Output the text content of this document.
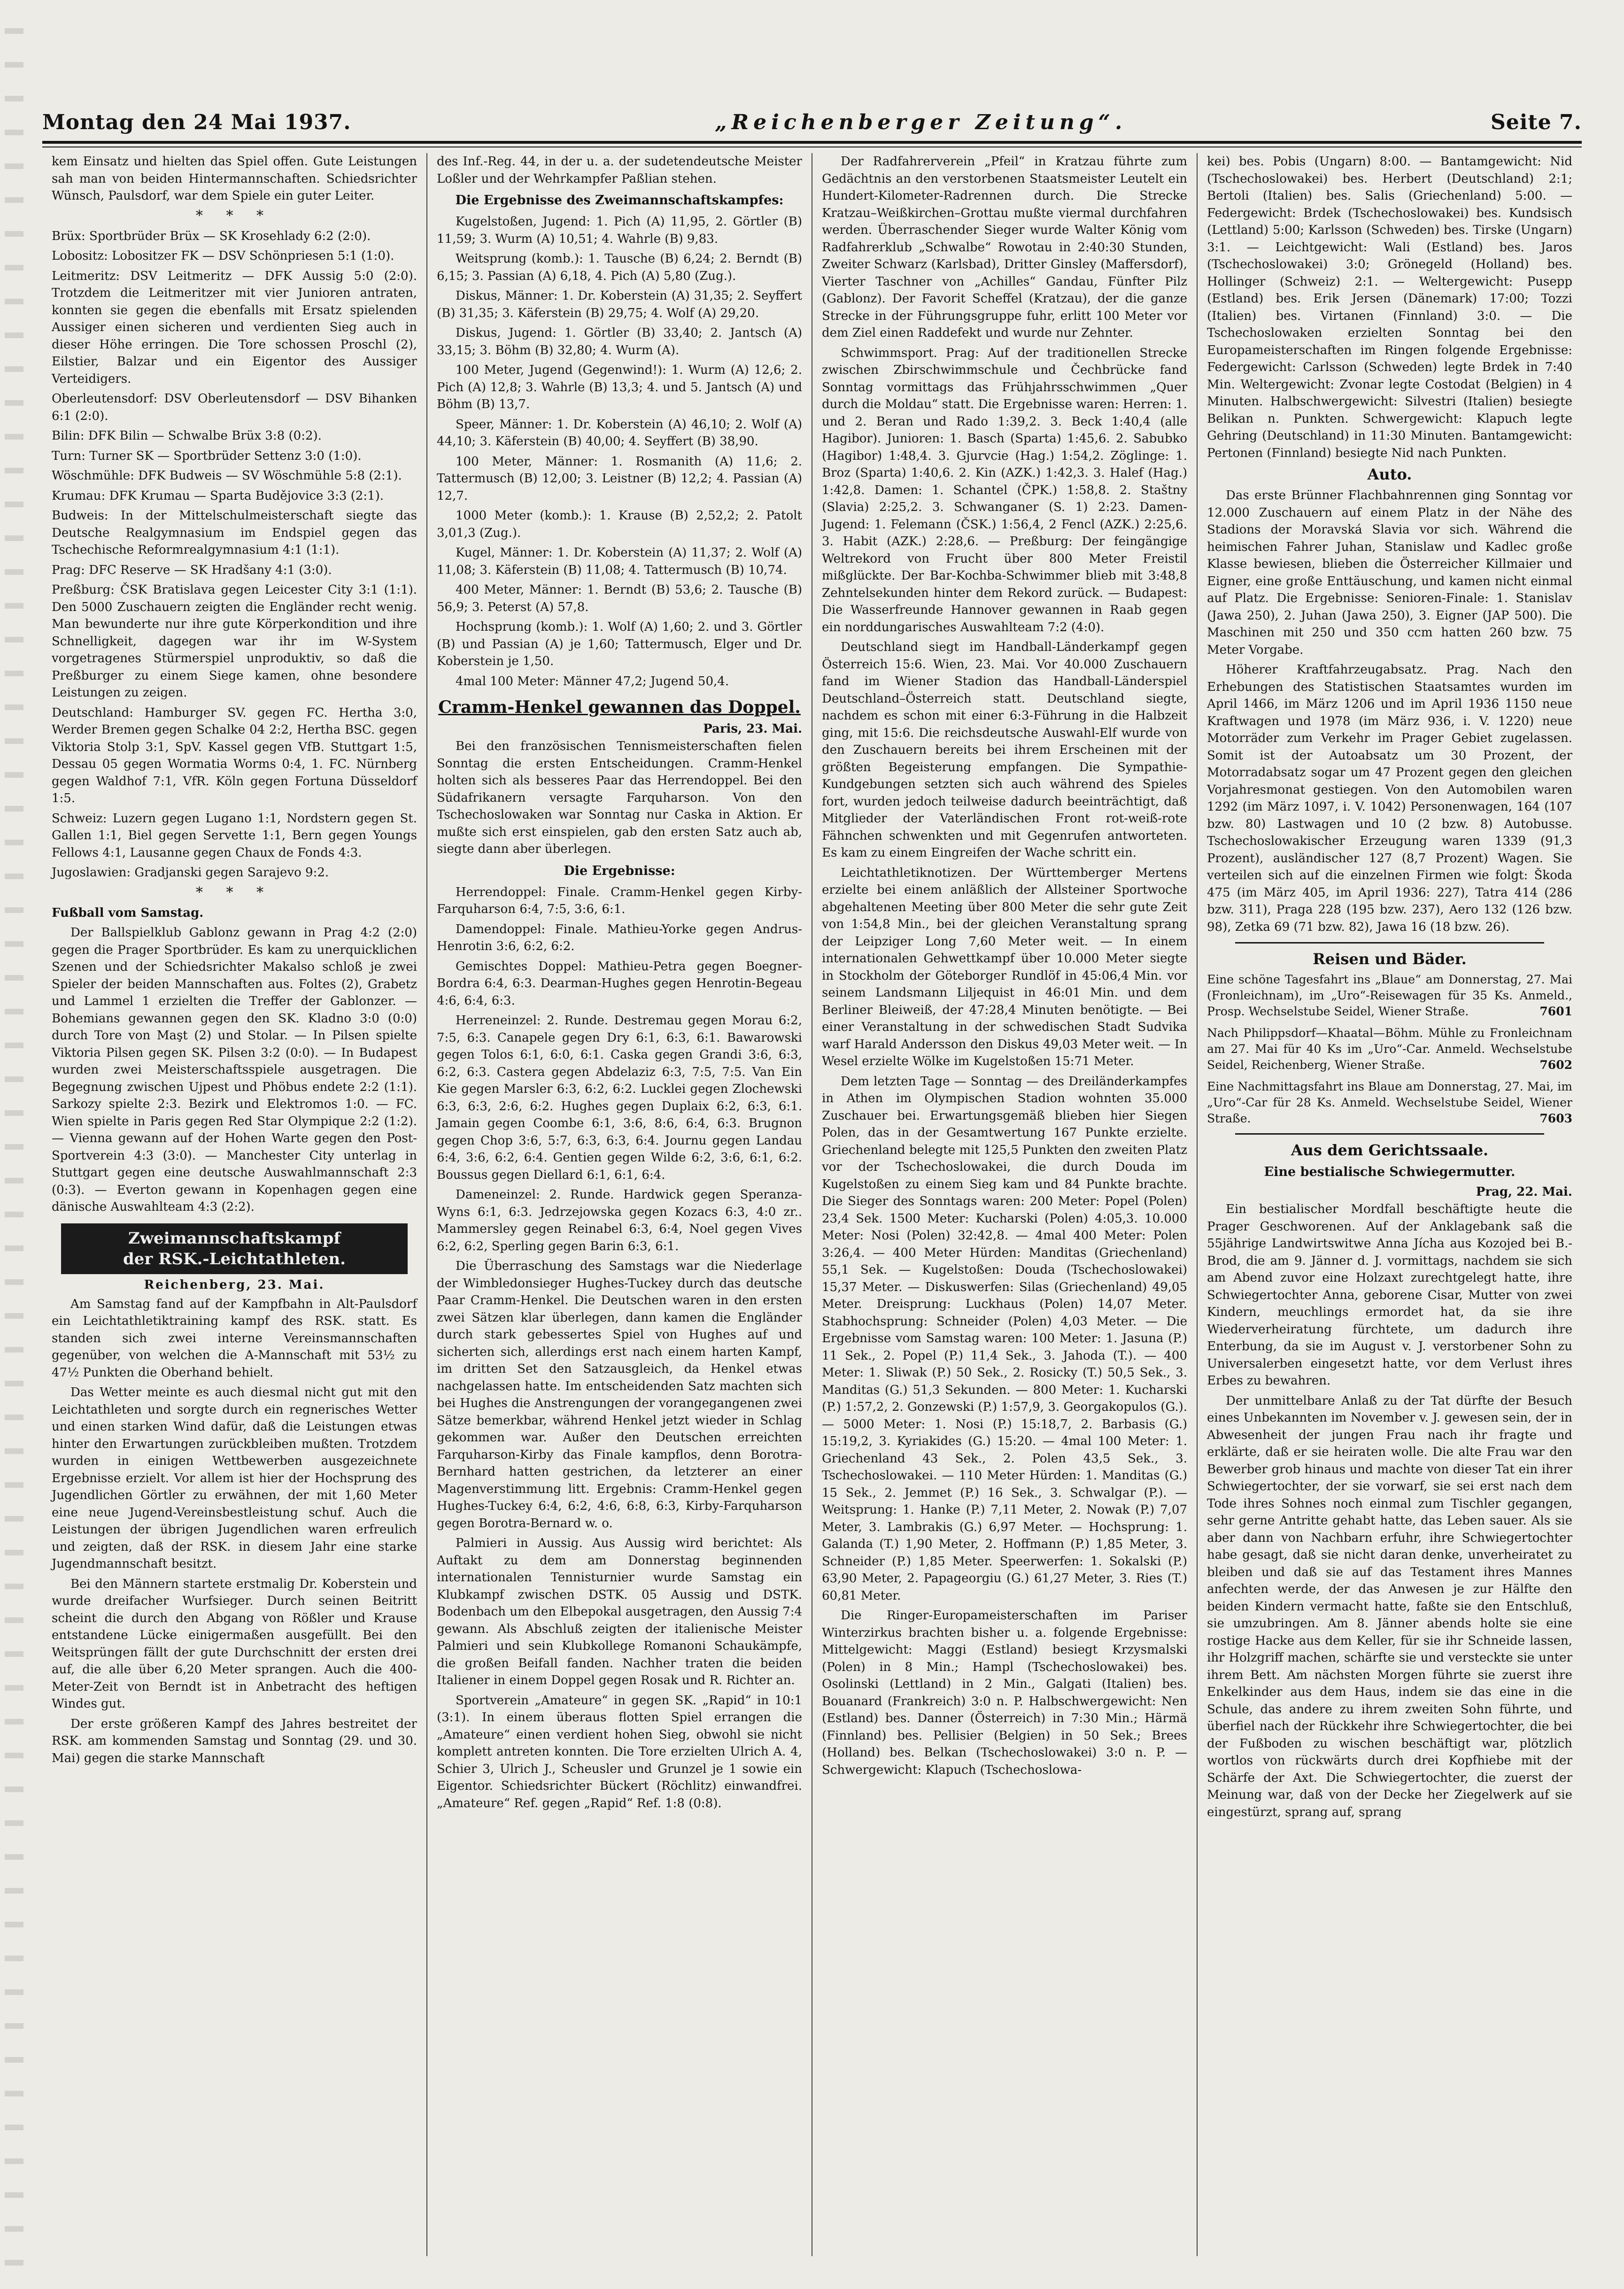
Montag den 24 Mai 1937.	„Reichenberger Zeitung“.	Seite 7.

kem Einsatz und hielten das Spiel offen. Gute Leistungen sah man von beiden Hintermannschaften. Schiedsrichter Wünsch, Paulsdorf, war dem Spiele ein guter Leiter.

* * *

Brüx: Sportbrüder Brüx — SK Krosehlady 6:2 (2:0).

Lobositz: Lobositzer FK — DSV Schönpriesen 5:1 (1:0).

Leitmeritz: DSV Leitmeritz — DFK Aussig 5:0 (2:0). Trotzdem die Leitmeritzer mit vier Junioren antraten, konnten sie gegen die ebenfalls mit Ersatz spielenden Aussiger einen sicheren und verdienten Sieg auch in dieser Höhe erringen. Die Tore schossen Proschl (2), Eilstier, Balzar und ein Eigentor des Aussiger Verteidigers.

Oberleutensdorf: DSV Oberleutensdorf — DSV Bihanken 6:1 (2:0).

Bilin: DFK Bilin — Schwalbe Brüx 3:8 (0:2).

Turn: Turner SK — Sportbrüder Settenz 3:0 (1:0).

Wöschmühle: DFK Budweis — SV Wöschmühle 5:8 (2:1).

Krumau: DFK Krumau — Sparta Budějovice 3:3 (2:1).

Budweis: In der Mittelschulmeisterschaft siegte das Deutsche Realgymnasium im Endspiel gegen das Tschechische Reformrealgymnasium 4:1 (1:1).

Prag: DFC Reserve — SK Hradšany 4:1 (3:0).

Preßburg: ČSK Bratislava gegen Leicester City 3:1 (1:1). Den 5000 Zuschauern zeigten die Engländer recht wenig. Man bewunderte nur ihre gute Körperkondition und ihre Schnelligkeit, dagegen war ihr im W-System vorgetragenes Stürmerspiel unproduktiv, so daß die Preßburger zu einem Siege kamen, ohne besondere Leistungen zu zeigen.

Deutschland: Hamburger SV. gegen FC. Hertha 3:0, Werder Bremen gegen Schalke 04 2:2, Hertha BSC. gegen Viktoria Stolp 3:1, SpV. Kassel gegen VfB. Stuttgart 1:5, Dessau 05 gegen Wormatia Worms 0:4, 1. FC. Nürnberg gegen Waldhof 7:1, VfR. Köln gegen Fortuna Düsseldorf 1:5.

Schweiz: Luzern gegen Lugano 1:1, Nordstern gegen St. Gallen 1:1, Biel gegen Servette 1:1, Bern gegen Youngs Fellows 4:1, Lausanne gegen Chaux de Fonds 4:3.

Jugoslawien: Gradjanski gegen Sarajevo 9:2.

* * *

Fußball vom Samstag.

Der Ballspielklub Gablonz gewann in Prag 4:2 (2:0) gegen die Prager Sportbrüder. Es kam zu unerquicklichen Szenen und der Schiedsrichter Makalso schloß je zwei Spieler der beiden Mannschaften aus. Foltes (2), Grabetz und Lammel 1 erzielten die Treffer der Gablonzer. — Bohemians gewannen gegen den SK. Kladno 3:0 (0:0) durch Tore von Maşt (2) und Stolar. — In Pilsen spielte Viktoria Pilsen gegen SK. Pilsen 3:2 (0:0). — In Budapest wurden zwei Meisterschaftsspiele ausgetragen. Die Begegnung zwischen Ujpest und Phöbus endete 2:2 (1:1). Sarkozy spielte 2:3. Bezirk und Elektromos 1:0. — FC. Wien spielte in Paris gegen Red Star Olympique 2:2 (1:2). — Vienna gewann auf der Hohen Warte gegen den Post-Sportverein 4:3 (3:0). — Manchester City unterlag in Stuttgart gegen eine deutsche Auswahlmannschaft 2:3 (0:3). — Everton gewann in Kopenhagen gegen eine dänische Auswahlteam 4:3 (2:2).

Zweimannschaftskampf
der RSK.-Leichtathleten.
Reichenberg, 23. Mai.

Am Samstag fand auf der Kampfbahn in Alt-Paulsdorf ein Leichtathletiktraining kampf des RSK. statt. Es standen sich zwei interne Vereinsmannschaften gegenüber, von welchen die A-Mannschaft mit 53½ zu 47½ Punkten die Oberhand behielt.

Das Wetter meinte es auch diesmal nicht gut mit den Leichtathleten und sorgte durch ein regnerisches Wetter und einen starken Wind dafür, daß die Leistungen etwas hinter den Erwartungen zurückbleiben mußten. Trotzdem wurden in einigen Wettbewerben ausgezeichnete Ergebnisse erzielt. Vor allem ist hier der Hochsprung des Jugendlichen Görtler zu erwähnen, der mit 1,60 Meter eine neue Jugend-Vereinsbestleistung schuf. Auch die Leistungen der übrigen Jugendlichen waren erfreulich und zeigten, daß der RSK. in diesem Jahr eine starke Jugendmannschaft besitzt.

Bei den Männern startete erstmalig Dr. Koberstein und wurde dreifacher Wurfsieger. Durch seinen Beitritt scheint die durch den Abgang von Rößler und Krause entstandene Lücke einigermaßen ausgefüllt. Bei den Weitsprüngen fällt der gute Durchschnitt der ersten drei auf, die alle über 6,20 Meter sprangen. Auch die 400-Meter-Zeit von Berndt ist in Anbetracht des heftigen Windes gut.

Der erste größeren Kampf des Jahres bestreitet der RSK. am kommenden Samstag und Sonntag (29. und 30. Mai) gegen die starke Mannschaft

des Inf.-Reg. 44, in der u. a. der sudetendeutsche Meister Loßler und der Wehrkampfer Paßlian stehen.

Die Ergebnisse des Zweimannschaftskampfes:

Kugelstoßen, Jugend: 1. Pich (A) 11,95, 2. Görtler (B) 11,59; 3. Wurm (A) 10,51; 4. Wahrle (B) 9,83.

Weitsprung (komb.): 1. Tausche (B) 6,24; 2. Berndt (B) 6,15; 3. Passian (A) 6,18, 4. Pich (A) 5,80 (Zug.).

Diskus, Männer: 1. Dr. Koberstein (A) 31,35; 2. Seyffert (B) 31,35; 3. Käferstein (B) 29,75; 4. Wolf (A) 29,20.

Diskus, Jugend: 1. Görtler (B) 33,40; 2. Jantsch (A) 33,15; 3. Böhm (B) 32,80; 4. Wurm (A).

100 Meter, Jugend (Gegenwind!): 1. Wurm (A) 12,6; 2. Pich (A) 12,8; 3. Wahrle (B) 13,3; 4. und 5. Jantsch (A) und Böhm (B) 13,7.

Speer, Männer: 1. Dr. Koberstein (A) 46,10; 2. Wolf (A) 44,10; 3. Käferstein (B) 40,00; 4. Seyffert (B) 38,90.

100 Meter, Männer: 1. Rosmanith (A) 11,6; 2. Tattermusch (B) 12,00; 3. Leistner (B) 12,2; 4. Passian (A) 12,7.

1000 Meter (komb.): 1. Krause (B) 2,52,2; 2. Patolt 3,01,3 (Zug.).

Kugel, Männer: 1. Dr. Koberstein (A) 11,37; 2. Wolf (A) 11,08; 3. Käferstein (B) 11,08; 4. Tattermusch (B) 10,74.

400 Meter, Männer: 1. Berndt (B) 53,6; 2. Tausche (B) 56,9; 3. Peterst (A) 57,8.

Hochsprung (komb.): 1. Wolf (A) 1,60; 2. und 3. Görtler (B) und Passian (A) je 1,60; Tattermusch, Elger und Dr. Koberstein je 1,50.

4mal 100 Meter: Männer 47,2; Jugend 50,4.

Cramm-Henkel gewannen das Doppel.
Paris, 23. Mai.

Bei den französischen Tennismeisterschaften fielen Sonntag die ersten Entscheidungen. Cramm-Henkel holten sich als besseres Paar das Herrendoppel. Bei den Südafrikanern versagte Farquharson. Von den Tschechoslowaken war Sonntag nur Caska in Aktion. Er mußte sich erst einspielen, gab den ersten Satz auch ab, siegte dann aber überlegen.

Die Ergebnisse:

Herrendoppel: Finale. Cramm-Henkel gegen Kirby-Farquharson 6:4, 7:5, 3:6, 6:1.

Damendoppel: Finale. Mathieu-Yorke gegen Andrus-Henrotin 3:6, 6:2, 6:2.

Gemischtes Doppel: Mathieu-Petra gegen Boegner-Bordra 6:4, 6:3. Dearman-Hughes gegen Henrotin-Begeau 4:6, 6:4, 6:3.

Herreneinzel: 2. Runde. Destremau gegen Morau 6:2, 7:5, 6:3. Canapele gegen Dry 6:1, 6:3, 6:1. Bawarowski gegen Tolos 6:1, 6:0, 6:1. Caska gegen Grandi 3:6, 6:3, 6:2, 6:3. Castera gegen Abdelaziz 6:3, 7:5, 7:5. Van Ein Kie gegen Marsler 6:3, 6:2, 6:2. Lucklei gegen Zlochewski 6:3, 6:3, 2:6, 6:2. Hughes gegen Duplaix 6:2, 6:3, 6:1. Jamain gegen Coombe 6:1, 3:6, 8:6, 6:4, 6:3. Brugnon gegen Chop 3:6, 5:7, 6:3, 6:3, 6:4. Journu gegen Landau 6:4, 3:6, 6:2, 6:4. Gentien gegen Wilde 6:2, 3:6, 6:1, 6:2. Boussus gegen Diellard 6:1, 6:1, 6:4.

Dameneinzel: 2. Runde. Hardwick gegen Speranza-Wyns 6:1, 6:3. Jedrzejowska gegen Kozacs 6:3, 4:0 zr.. Mammersley gegen Reinabel 6:3, 6:4, Noel gegen Vives 6:2, 6:2, Sperling gegen Barin 6:3, 6:1.

Die Überraschung des Samstags war die Niederlage der Wimbledonsieger Hughes-Tuckey durch das deutsche Paar Cramm-Henkel. Die Deutschen waren in den ersten zwei Sätzen klar überlegen, dann kamen die Engländer durch stark gebessertes Spiel von Hughes auf und sicherten sich, allerdings erst nach einem harten Kampf, im dritten Set den Satzausgleich, da Henkel etwas nachgelassen hatte. Im entscheidenden Satz machten sich bei Hughes die Anstrengungen der vorangegangenen zwei Sätze bemerkbar, während Henkel jetzt wieder in Schlag gekommen war. Außer den Deutschen erreichten Farquharson-Kirby das Finale kampflos, denn Borotra-Bernhard hatten gestrichen, da letzterer an einer Magenverstimmung litt. Ergebnis: Cramm-Henkel gegen Hughes-Tuckey 6:4, 6:2, 4:6, 6:8, 6:3, Kirby-Farquharson gegen Borotra-Bernard w. o.

Palmieri in Aussig. Aus Aussig wird berichtet: Als Auftakt zu dem am Donnerstag beginnenden internationalen Tennisturnier wurde Samstag ein Klubkampf zwischen DSTK. 05 Aussig und DSTK. Bodenbach um den Elbepokal ausgetragen, den Aussig 7:4 gewann. Als Abschluß zeigten der italienische Meister Palmieri und sein Klubkollege Romanoni Schaukämpfe, die großen Beifall fanden. Nachher traten die beiden Italiener in einem Doppel gegen Rosak und R. Richter an.

Sportverein „Amateure“ in gegen SK. „Rapid“ in 10:1 (3:1). In einem überaus flotten Spiel errangen die „Amateure“ einen verdient hohen Sieg, obwohl sie nicht komplett antreten konnten. Die Tore erzielten Ulrich A. 4, Schier 3, Ulrich J., Scheusler und Grunzel je 1 sowie ein Eigentor. Schiedsrichter Bückert (Röchlitz) einwandfrei. „Amateure“ Ref. gegen „Rapid“ Ref. 1:8 (0:8).

Der Radfahrerverein „Pfeil“ in Kratzau führte zum Gedächtnis an den verstorbenen Staatsmeister Leutelt ein Hundert-Kilometer-Radrennen durch. Die Strecke Kratzau–Weißkirchen–Grottau mußte viermal durchfahren werden. Überraschender Sieger wurde Walter König vom Radfahrerklub „Schwalbe“ Rowotau in 2:40:30 Stunden, Zweiter Schwarz (Karlsbad), Dritter Ginsley (Maffersdorf), Vierter Taschner von „Achilles“ Gandau, Fünfter Pilz (Gablonz). Der Favorit Scheffel (Kratzau), der die ganze Strecke in der Führungsgruppe fuhr, erlitt 100 Meter vor dem Ziel einen Raddefekt und wurde nur Zehnter.

Schwimmsport. Prag: Auf der traditionellen Strecke zwischen Zbirschwimmschule und Čechbrücke fand Sonntag vormittags das Frühjahrsschwimmen „Quer durch die Moldau“ statt. Die Ergebnisse waren: Herren: 1. und 2. Beran und Rado 1:39,2. 3. Beck 1:40,4 (alle Hagibor). Junioren: 1. Basch (Sparta) 1:45,6. 2. Sabubko (Hagibor) 1:48,4. 3. Gjurvcie (Hag.) 1:54,2. Zöglinge: 1. Broz (Sparta) 1:40,6. 2. Kin (AZK.) 1:42,3. 3. Halef (Hag.) 1:42,8. Damen: 1. Schantel (ČPK.) 1:58,8. 2. Staštny (Slavia) 2:25,2. 3. Schwanganer (S. 1) 2:23. Damen-Jugend: 1. Felemann (ČSK.) 1:56,4, 2 Fencl (AZK.) 2:25,6. 3. Habit (AZK.) 2:28,6. — Preßburg: Der feingängige Weltrekord von Frucht über 800 Meter Freistil mißglückte. Der Bar-Kochba-Schwimmer blieb mit 3:48,8 Zehntelsekunden hinter dem Rekord zurück. — Budapest: Die Wasserfreunde Hannover gewannen in Raab gegen ein norddungarisches Auswahlteam 7:2 (4:0).

Deutschland siegt im Handball-Länderkampf gegen Österreich 15:6. Wien, 23. Mai. Vor 40.000 Zuschauern fand im Wiener Stadion das Handball-Länderspiel Deutschland–Österreich statt. Deutschland siegte, nachdem es schon mit einer 6:3-Führung in die Halbzeit ging, mit 15:6. Die reichsdeutsche Auswahl-Elf wurde von den Zuschauern bereits bei ihrem Erscheinen mit der größten Begeisterung empfangen. Die Sympathie-Kundgebungen setzten sich auch während des Spieles fort, wurden jedoch teilweise dadurch beeinträchtigt, daß Mitglieder der Vaterländischen Front rot-weiß-rote Fähnchen schwenkten und mit Gegenrufen antworteten. Es kam zu einem Eingreifen der Wache schritt ein.

Leichtathletiknotizen. Der Württemberger Mertens erzielte bei einem anläßlich der Allsteiner Sportwoche abgehaltenen Meeting über 800 Meter die sehr gute Zeit von 1:54,8 Min., bei der gleichen Veranstaltung sprang der Leipziger Long 7,60 Meter weit. — In einem internationalen Gehwettkampf über 10.000 Meter siegte in Stockholm der Göteborger Rundlöf in 45:06,4 Min. vor seinem Landsmann Liljequist in 46:01 Min. und dem Berliner Bleiweiß, der 47:28,4 Minuten benötigte. — Bei einer Veranstaltung in der schwedischen Stadt Sudvika warf Harald Andersson den Diskus 49,03 Meter weit. — In Wesel erzielte Wölke im Kugelstoßen 15:71 Meter.

Dem letzten Tage — Sonntag — des Dreiländerkampfes in Athen im Olympischen Stadion wohnten 35.000 Zuschauer bei. Erwartungsgemäß blieben hier Siegen Polen, das in der Gesamtwertung 167 Punkte erzielte. Griechenland belegte mit 125,5 Punkten den zweiten Platz vor der Tschechoslowakei, die durch Douda im Kugelstoßen zu einem Sieg kam und 84 Punkte brachte. Die Sieger des Sonntags waren: 200 Meter: Popel (Polen) 23,4 Sek. 1500 Meter: Kucharski (Polen) 4:05,3. 10.000 Meter: Nosi (Polen) 32:42,8. — 4mal 400 Meter: Polen 3:26,4. — 400 Meter Hürden: Manditas (Griechenland) 55,1 Sek. — Kugelstoßen: Douda (Tschechoslowakei) 15,37 Meter. — Diskuswerfen: Silas (Griechenland) 49,05 Meter. Dreisprung: Luckhaus (Polen) 14,07 Meter. Stabhochsprung: Schneider (Polen) 4,03 Meter. — Die Ergebnisse vom Samstag waren: 100 Meter: 1. Jasuna (P.) 11 Sek., 2. Popel (P.) 11,4 Sek., 3. Jahoda (T.). — 400 Meter: 1. Sliwak (P.) 50 Sek., 2. Rosicky (T.) 50,5 Sek., 3. Manditas (G.) 51,3 Sekunden. — 800 Meter: 1. Kucharski (P.) 1:57,2, 2. Gonzewski (P.) 1:57,9, 3. Georgakopulos (G.). — 5000 Meter: 1. Nosi (P.) 15:18,7, 2. Barbasis (G.) 15:19,2, 3. Kyriakides (G.) 15:20. — 4mal 100 Meter: 1. Griechenland 43 Sek., 2. Polen 43,5 Sek., 3. Tschechoslowakei. — 110 Meter Hürden: 1. Manditas (G.) 15 Sek., 2. Jemmet (P.) 16 Sek., 3. Schwalgar (P.). — Weitsprung: 1. Hanke (P.) 7,11 Meter, 2. Nowak (P.) 7,07 Meter, 3. Lambrakis (G.) 6,97 Meter. — Hochsprung: 1. Galanda (T.) 1,90 Meter, 2. Hoffmann (P.) 1,85 Meter, 3. Schneider (P.) 1,85 Meter. Speerwerfen: 1. Sokalski (P.) 63,90 Meter, 2. Papageorgiu (G.) 61,27 Meter, 3. Ries (T.) 60,81 Meter.

Die Ringer-Europameisterschaften im Pariser Winterzirkus brachten bisher u. a. folgende Ergebnisse: Mittelgewicht: Maggi (Estland) besiegt Krzysmalski (Polen) in 8 Min.; Hampl (Tschechoslowakei) bes. Osolinski (Lettland) in 2 Min., Galgati (Italien) bes. Bouanard (Frankreich) 3:0 n. P. Halbschwergewicht: Nen (Estland) bes. Danner (Österreich) in 7:30 Min.; Härmä (Finnland) bes. Pellisier (Belgien) in 50 Sek.; Brees (Holland) bes. Belkan (Tschechoslowakei) 3:0 n. P. — Schwergewicht: Klapuch (Tschechoslowa-

kei) bes. Pobis (Ungarn) 8:00. — Bantamgewicht: Nid (Tschechoslowakei) bes. Herbert (Deutschland) 2:1; Bertoli (Italien) bes. Salis (Griechenland) 5:00. — Federgewicht: Brdek (Tschechoslowakei) bes. Kundsisch (Lettland) 5:00; Karlsson (Schweden) bes. Tirske (Ungarn) 3:1. — Leichtgewicht: Wali (Estland) bes. Jaros (Tschechoslowakei) 3:0; Grönegeld (Holland) bes. Hollinger (Schweiz) 2:1. — Weltergewicht: Pusepp (Estland) bes. Erik Jersen (Dänemark) 17:00; Tozzi (Italien) bes. Virtanen (Finnland) 3:0. — Die Tschechoslowaken erzielten Sonntag bei den Europameisterschaften im Ringen folgende Ergebnisse: Federgewicht: Carlsson (Schweden) legte Brdek in 7:40 Min. Weltergewicht: Zvonar legte Costodat (Belgien) in 4 Minuten. Halbschwergewicht: Silvestri (Italien) besiegte Belikan n. Punkten. Schwergewicht: Klapuch legte Gehring (Deutschland) in 11:30 Minuten. Bantamgewicht: Pertonen (Finnland) besiegte Nid nach Punkten.

Auto.

Das erste Brünner Flachbahnrennen ging Sonntag vor 12.000 Zuschauern auf einem Platz in der Nähe des Stadions der Moravská Slavia vor sich. Während die heimischen Fahrer Juhan, Stanislaw und Kadlec große Klasse bewiesen, blieben die Österreicher Killmaier und Eigner, eine große Enttäuschung, und kamen nicht einmal auf Platz. Die Ergebnisse: Senioren-Finale: 1. Stanislav (Jawa 250), 2. Juhan (Jawa 250), 3. Eigner (JAP 500). Die Maschinen mit 250 und 350 ccm hatten 260 bzw. 75 Meter Vorgabe.

Höherer Kraftfahrzeugabsatz. Prag. Nach den Erhebungen des Statistischen Staatsamtes wurden im April 1466, im März 1206 und im April 1936 1150 neue Kraftwagen und 1978 (im März 936, i. V. 1220) neue Motorräder zum Verkehr im Prager Gebiet zugelassen. Somit ist der Autoabsatz um 30 Prozent, der Motorradabsatz sogar um 47 Prozent gegen den gleichen Vorjahresmonat gestiegen. Von den Automobilen waren 1292 (im März 1097, i. V. 1042) Personenwagen, 164 (107 bzw. 80) Lastwagen und 10 (2 bzw. 8) Autobusse. Tschechoslowakischer Erzeugung waren 1339 (91,3 Prozent), ausländischer 127 (8,7 Prozent) Wagen. Sie verteilen sich auf die einzelnen Firmen wie folgt: Škoda 475 (im März 405, im April 1936: 227), Tatra 414 (286 bzw. 311), Praga 228 (195 bzw. 237), Aero 132 (126 bzw. 98), Zetka 69 (71 bzw. 82), Jawa 16 (18 bzw. 26).

Reisen und Bäder.
Eine schöne Tagesfahrt ins „Blaue“ am Donnerstag, 27. Mai (Fronleichnam), im „Uro“-Reisewagen für 35 Ks. Anmeld., Prosp. Wechselstube Seidel, Wiener Straße.	7601
Nach Philippsdorf—Khaatal—Böhm. Mühle zu Fronleichnam am 27. Mai für 40 Ks im „Uro“-Car. Anmeld. Wechselstube Seidel, Reichenberg, Wiener Straße.	7602
Eine Nachmittagsfahrt ins Blaue am Donnerstag, 27. Mai, im „Uro“-Car für 28 Ks. Anmeld. Wechselstube Seidel, Wiener Straße.	7603
Aus dem Gerichtssaale.
Eine bestialische Schwiegermutter.
Prag, 22. Mai.

Ein bestialischer Mordfall beschäftigte heute die Prager Geschworenen. Auf der Anklagebank saß die 55jährige Landwirtswitwe Anna Jícha aus Kozojed bei B.-Brod, die am 9. Jänner d. J. vormittags, nachdem sie sich am Abend zuvor eine Holzaxt zurechtgelegt hatte, ihre Schwiegertochter Anna, geborene Cisar, Mutter von zwei Kindern, meuchlings ermordet hat, da sie ihre Wiederverheiratung fürchtete, um dadurch ihre Enterbung, da sie im August v. J. verstorbener Sohn zu Universalerben eingesetzt hatte, vor dem Verlust ihres Erbes zu bewahren.

Der unmittelbare Anlaß zu der Tat dürfte der Besuch eines Unbekannten im November v. J. gewesen sein, der in Abwesenheit der jungen Frau nach ihr fragte und erklärte, daß er sie heiraten wolle. Die alte Frau war den Bewerber grob hinaus und machte von dieser Tat ein ihrer Schwiegertochter, der sie vorwarf, sie sei erst nach dem Tode ihres Sohnes noch einmal zum Tischler gegangen, sehr gerne Antritte gehabt hatte, das Leben sauer. Als sie aber dann von Nachbarn erfuhr, ihre Schwiegertochter habe gesagt, daß sie nicht daran denke, unverheiratet zu bleiben und daß sie auf das Testament ihres Mannes anfechten werde, der das Anwesen je zur Hälfte den beiden Kindern vermacht hatte, faßte sie den Entschluß, sie umzubringen. Am 8. Jänner abends holte sie eine rostige Hacke aus dem Keller, für sie ihr Schneide lassen, ihr Holzgriff machen, schärfte sie und versteckte sie unter ihrem Bett. Am nächsten Morgen führte sie zuerst ihre Enkelkinder aus dem Haus, indem sie das eine in die Schule, das andere zu ihrem zweiten Sohn führte, und überfiel nach der Rückkehr ihre Schwiegertochter, die bei der Fußboden zu wischen beschäftigt war, plötzlich wortlos von rückwärts durch drei Kopfhiebe mit der Schärfe der Axt. Die Schwiegertochter, die zuerst der Meinung war, daß von der Decke her Ziegelwerk auf sie eingestürzt, sprang auf, sprang
